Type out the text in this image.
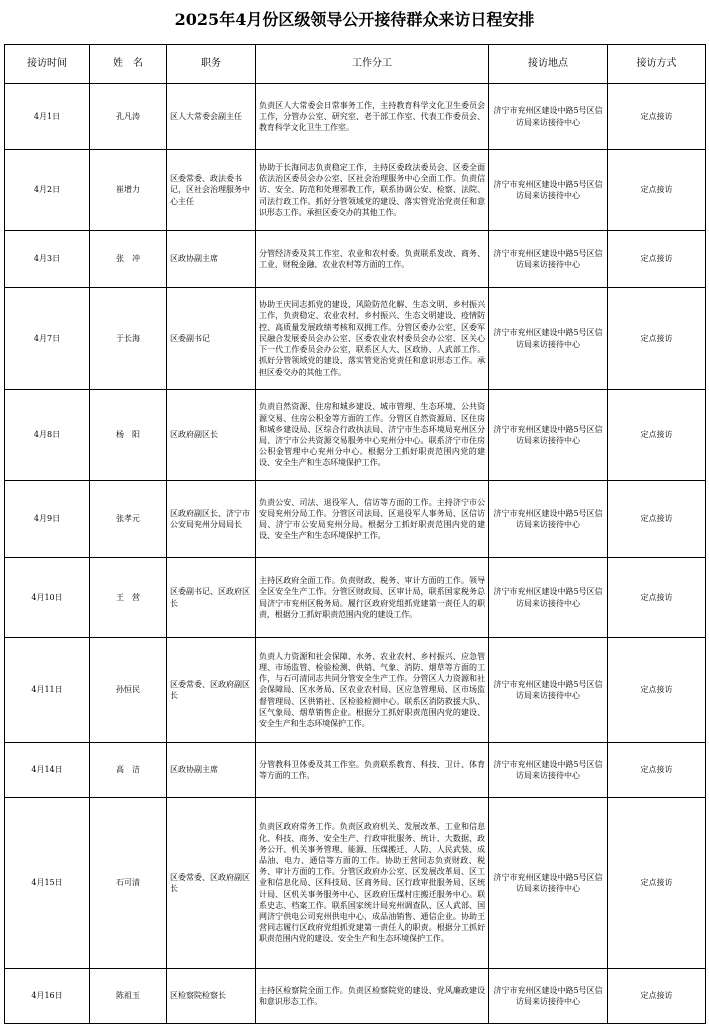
2025年4月份区级领导公开接待群众来访日程安排
接访时间	姓　名	职务	工作分工	接访地点	接访方式
4月1日	孔凡涛	区人大常委会副主任	负责区人大常委会日常事务工作，主持教育科学文化卫生委员会工作，分管办公室、研究室、老干部工作室、代表工作委员会、教育科学文化卫生工作室。	济宁市兖州区建设中路5号区信访局来访接待中心	定点接访
4月2日	崔增力	区委常委、政法委书记，区社会治理服务中心主任	协助于长海同志负责稳定工作，主持区委政法委员会、区委全面依法治区委员会办公室、区社会治理服务中心全面工作。负责信访、安全、防范和处理邪教工作，联系协调公安、检察、法院、司法行政工作。抓好分管领域党的建设、落实管党治党责任和意识形态工作。承担区委交办的其他工作。	济宁市兖州区建设中路5号区信访局来访接待中心	定点接访
4月3日	张　冲	区政协副主席	分管经济委及其工作室、农业和农村委。负责联系发改、商务、工业、财税金融、农业农村等方面的工作。	济宁市兖州区建设中路5号区信访局来访接待中心	定点接访
4月7日	于长海	区委副书记	协助王庆同志抓党的建设、风险防范化解、生态文明、乡村振兴工作，负责稳定、农业农村、乡村振兴、生态文明建设、疫情防控、高质量发展政绩考核和双拥工作。分管区委办公室、区委军民融合发展委员会办公室、区委农业农村委员会办公室、区关心下一代工作委员会办公室，联系区人大、区政协、人武部工作。抓好分管领域党的建设、落实管党治党责任和意识形态工作。承担区委交办的其他工作。	济宁市兖州区建设中路5号区信访局来访接待中心	定点接访
4月8日	杨　阳	区政府副区长	负责自然资源、住房和城乡建设、城市管理、生态环境、公共资源交易、住房公积金等方面的工作。分管区自然资源局、区住房和城乡建设局、区综合行政执法局、济宁市生态环境局兖州区分局、济宁市公共资源交易服务中心兖州分中心。联系济宁市住房公积金管理中心兖州分中心。根据分工抓好职责范围内党的建设、安全生产和生态环境保护工作。	济宁市兖州区建设中路5号区信访局来访接待中心	定点接访
4月9日	张孝元	区政府副区长、济宁市公安局兖州分局局长	负责公安、司法、退役军人、信访等方面的工作。主持济宁市公安局兖州分局工作。分管区司法局、区退役军人事务局、区信访局、济宁市公安局兖州分局。根据分工抓好职责范围内党的建设、安全生产和生态环境保护工作。	济宁市兖州区建设中路5号区信访局来访接待中心	定点接访
4月10日	王　营	区委副书记、区政府区长	主持区政府全面工作。负责财政、税务、审计方面的工作。领导全区安全生产工作。分管区财政局、区审计局，联系国家税务总局济宁市兖州区税务局。履行区政府党组抓党建第一责任人的职责，根据分工抓好职责范围内党的建设工作。	济宁市兖州区建设中路5号区信访局来访接待中心	定点接访
4月11日	孙恒民	区委常委、区政府副区长	负责人力资源和社会保障、水务、农业农村、乡村振兴、应急管理、市场监管、检验检测、供销、气象、消防、烟草等方面的工作，与石可清同志共同分管安全生产工作。分管区人力资源和社会保障局、区水务局、区农业农村局、区应急管理局、区市场监督管理局、区供销社、区检验检测中心。联系区消防救援大队、区气象局、烟草销售企业。根据分工抓好职责范围内党的建设、安全生产和生态环境保护工作。	济宁市兖州区建设中路5号区信访局来访接待中心	定点接访
4月14日	高　洁	区政协副主席	分管教科卫体委及其工作室。负责联系教育、科技、卫计、体育等方面的工作。	济宁市兖州区建设中路5号区信访局来访接待中心	定点接访
4月15日	石可清	区委常委、区政府副区长	负责区政府常务工作。负责区政府机关、发展改革、工业和信息化、科技、商务、安全生产、行政审批服务、统计、大数据、政务公开、机关事务管理、能源、压煤搬迁、人防、人民武装、成品油、电力、通信等方面的工作。协助王营同志负责财政、税务、审计方面的工作。分管区政府办公室、区发展改革局、区工业和信息化局、区科技局、区商务局、区行政审批服务局、区统计局、区机关事务服务中心、区政府压煤村庄搬迁服务中心。联系史志、档案工作。联系国家统计局兖州调查队、区人武部、国网济宁供电公司兖州供电中心，成品油销售、通信企业。协助王营同志履行区政府党组抓党建第一责任人的职责。根据分工抓好职责范围内党的建设、安全生产和生态环境保护工作。	济宁市兖州区建设中路5号区信访局来访接待中心	定点接访
4月16日	陈祖玉	区检察院检察长	主持区检察院全面工作。负责区检察院党的建设、党风廉政建设和意识形态工作。	济宁市兖州区建设中路5号区信访局来访接待中心	定点接访
